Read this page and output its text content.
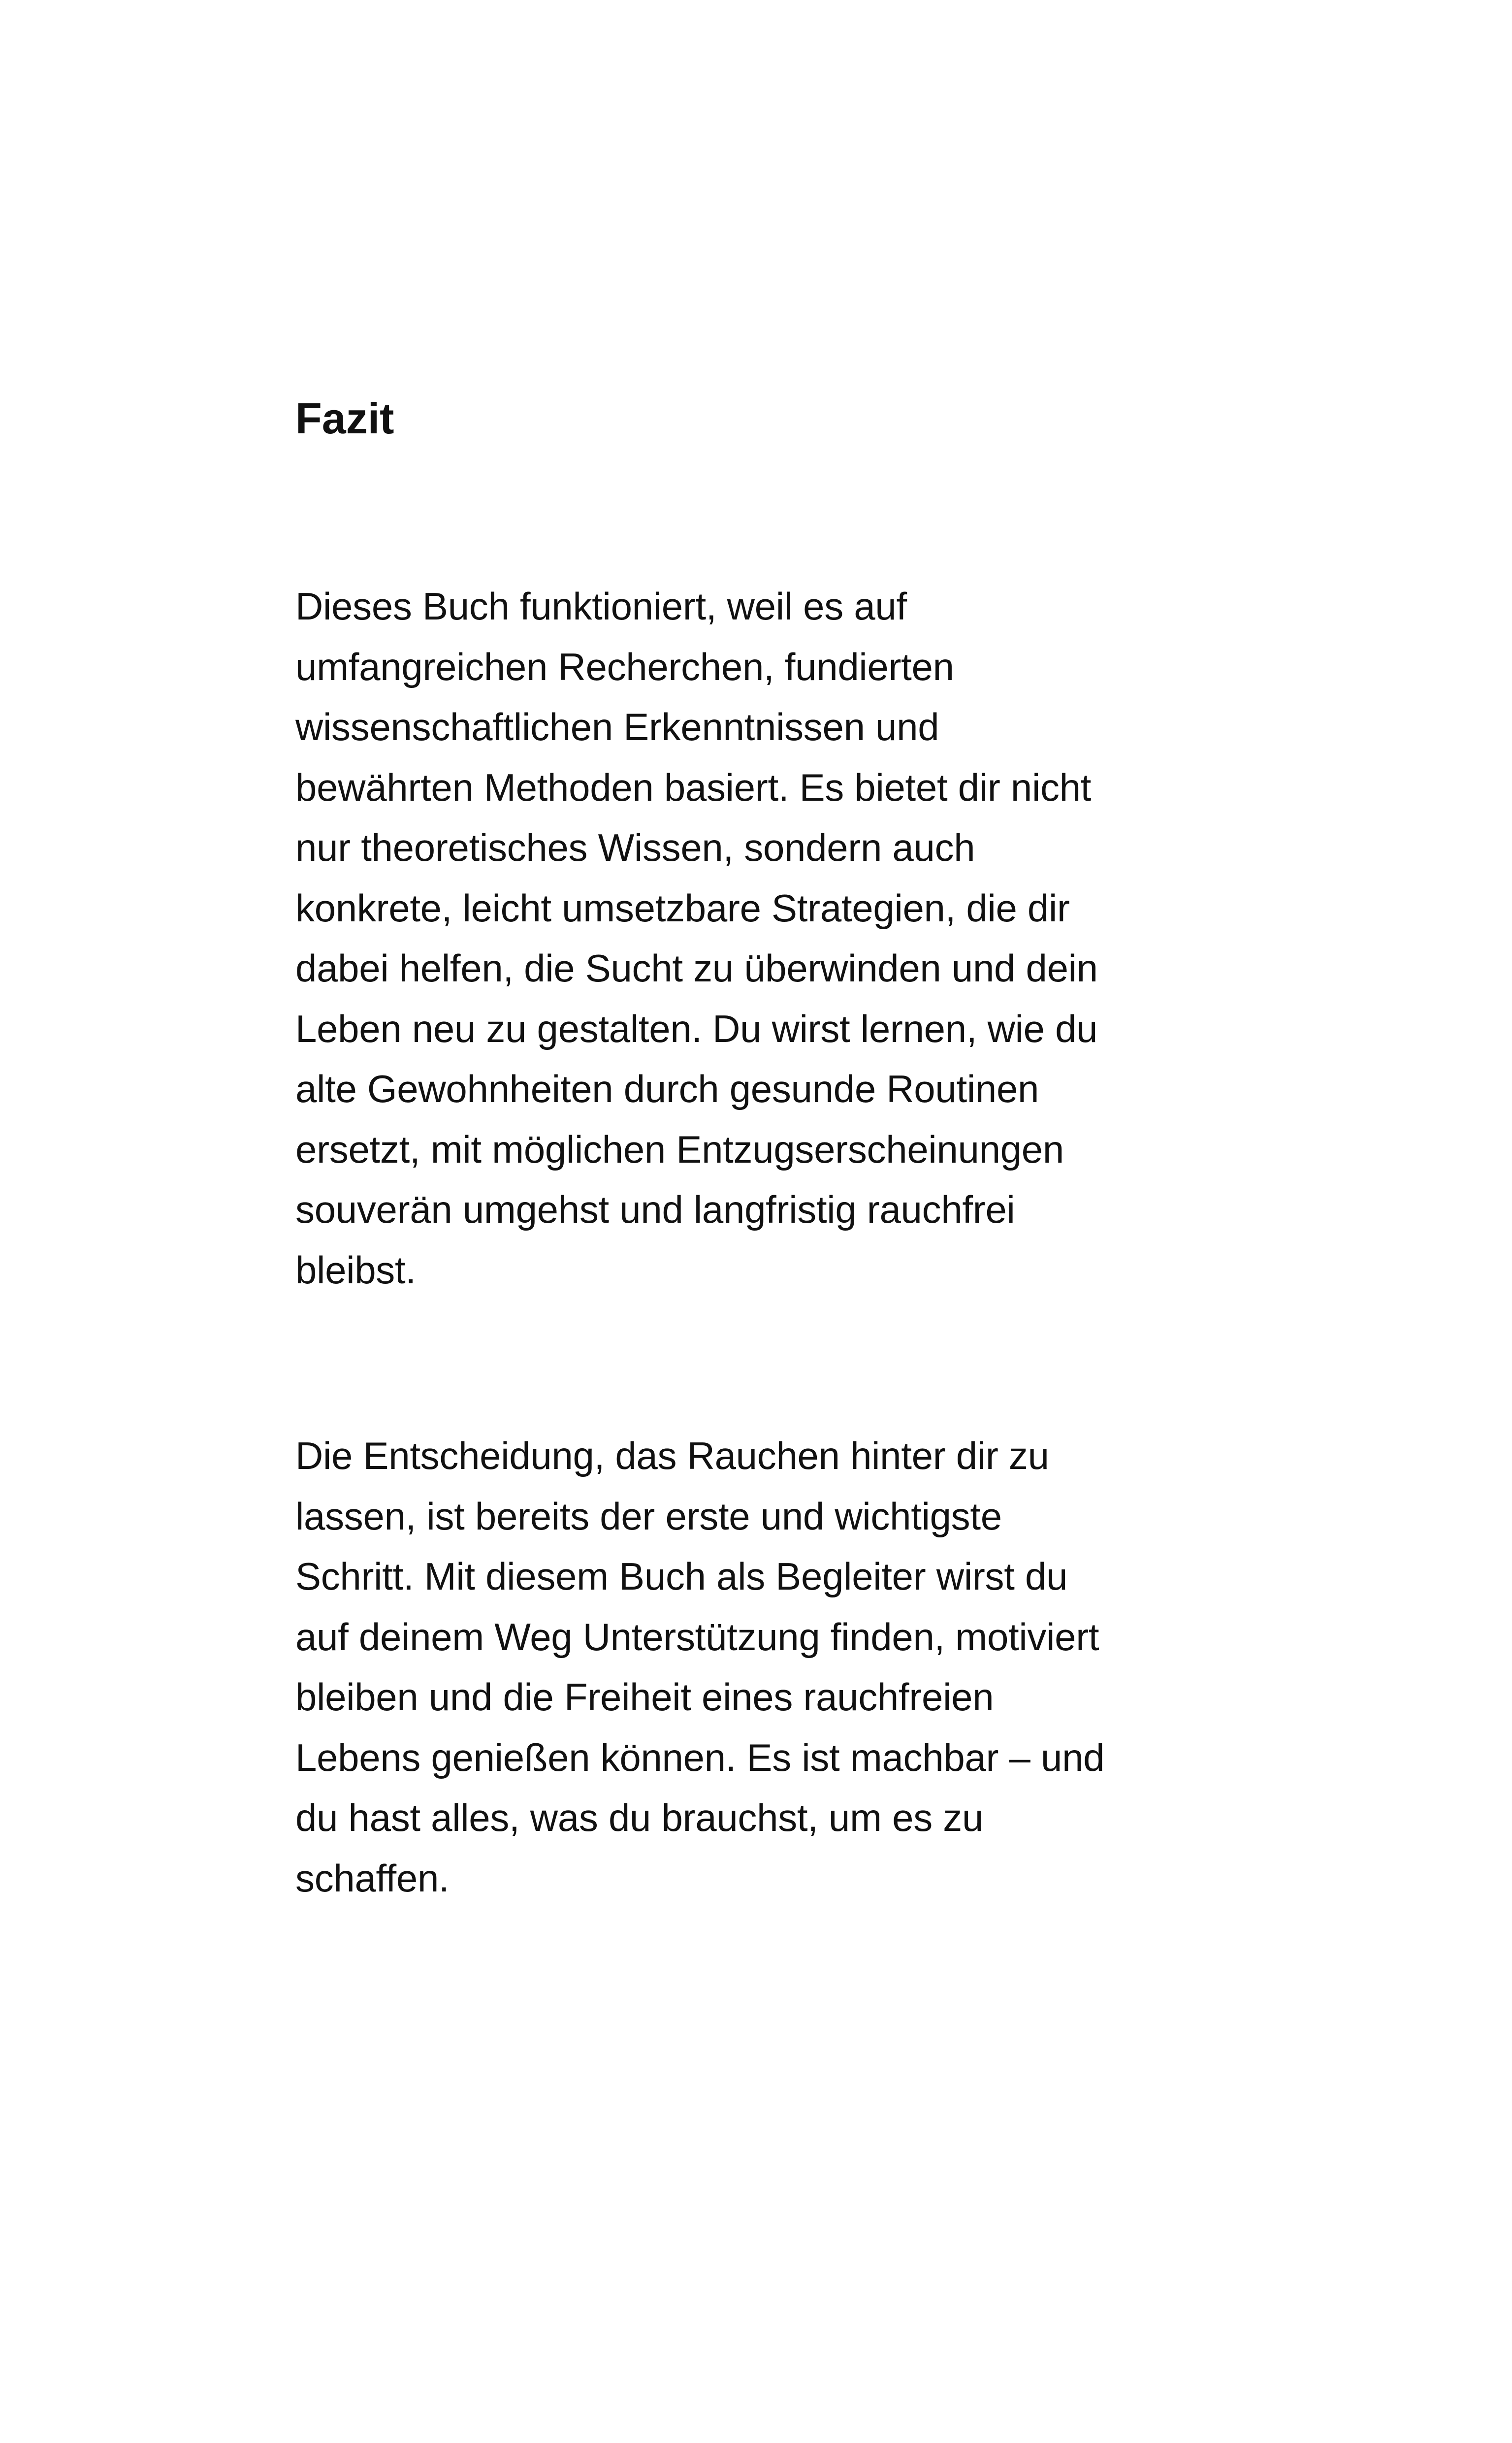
Fazit

Dieses Buch funktioniert, weil es auf
umfangreichen Recherchen, fundierten
wissenschaftlichen Erkenntnissen und
bewährten Methoden basiert. Es bietet dir nicht
nur theoretisches Wissen, sondern auch
konkrete, leicht umsetzbare Strategien, die dir
dabei helfen, die Sucht zu überwinden und dein
Leben neu zu gestalten. Du wirst lernen, wie du
alte Gewohnheiten durch gesunde Routinen
ersetzt, mit möglichen Entzugserscheinungen
souverän umgehst und langfristig rauchfrei
bleibst.

Die Entscheidung, das Rauchen hinter dir zu
lassen, ist bereits der erste und wichtigste
Schritt. Mit diesem Buch als Begleiter wirst du
auf deinem Weg Unterstützung finden, motiviert
bleiben und die Freiheit eines rauchfreien
Lebens genießen können. Es ist machbar – und
du hast alles, was du brauchst, um es zu
schaffen.
